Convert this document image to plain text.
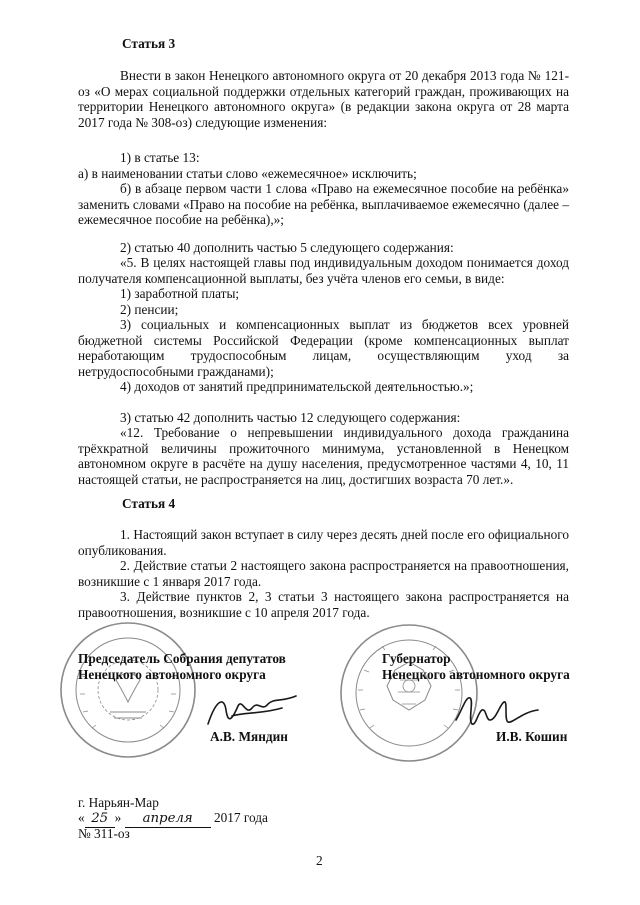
Статья 3
Внести в закон Ненецкого автономного округа от 20 декабря 2013 года № 121-оз «О мерах социальной поддержки отдельных категорий граждан, проживающих на территории Ненецкого автономного округа» (в редакции закона округа от 28 марта 2017 года № 308-оз) следующие изменения:
1) в статье 13:
а) в наименовании статьи слово «ежемесячное» исключить;
б) в абзаце первом части 1 слова «Право на ежемесячное пособие на ребёнка» заменить словами «Право на пособие на ребёнка, выплачиваемое ежемесячно (далее – ежемесячное пособие на ребёнка),»;
2) статью 40 дополнить частью 5 следующего содержания:
«5. В целях настоящей главы под индивидуальным доходом понимается доход получателя компенсационной выплаты, без учёта членов его семьи, в виде:
1) заработной платы;
2) пенсии;
3) социальных и компенсационных выплат из бюджетов всех уровней бюджетной системы Российской Федерации (кроме компенсационных выплат неработающим трудоспособным лицам, осуществляющим уход за нетрудоспособными гражданами);
4) доходов от занятий предпринимательской деятельностью.»;
3) статью 42 дополнить частью 12 следующего содержания:
«12. Требование о непревышении индивидуального дохода гражданина трёхкратной величины прожиточного минимума, установленной в Ненецком автономном округе в расчёте на душу населения, предусмотренное частями 4, 10, 11 настоящей статьи, не распространяется на лиц, достигших возраста 70 лет.».
Статья 4
1. Настоящий закон вступает в силу через десять дней после его официального опубликования.
2. Действие статьи 2 настоящего закона распространяется на правоотношения, возникшие с 1 января 2017 года.
3. Действие пунктов 2, 3 статьи 3 настоящего закона распространяется на правоотношения, возникшие с 10 апреля 2017 года.
Председатель Собрания депутатов
Ненецкого автономного округа
А.В. Мяндин
Губернатор
Ненецкого автономного округа
И.В. Кошин
г. Нарьян-Мар
« 25 » апреля 2017 года
№ 311-оз
2
